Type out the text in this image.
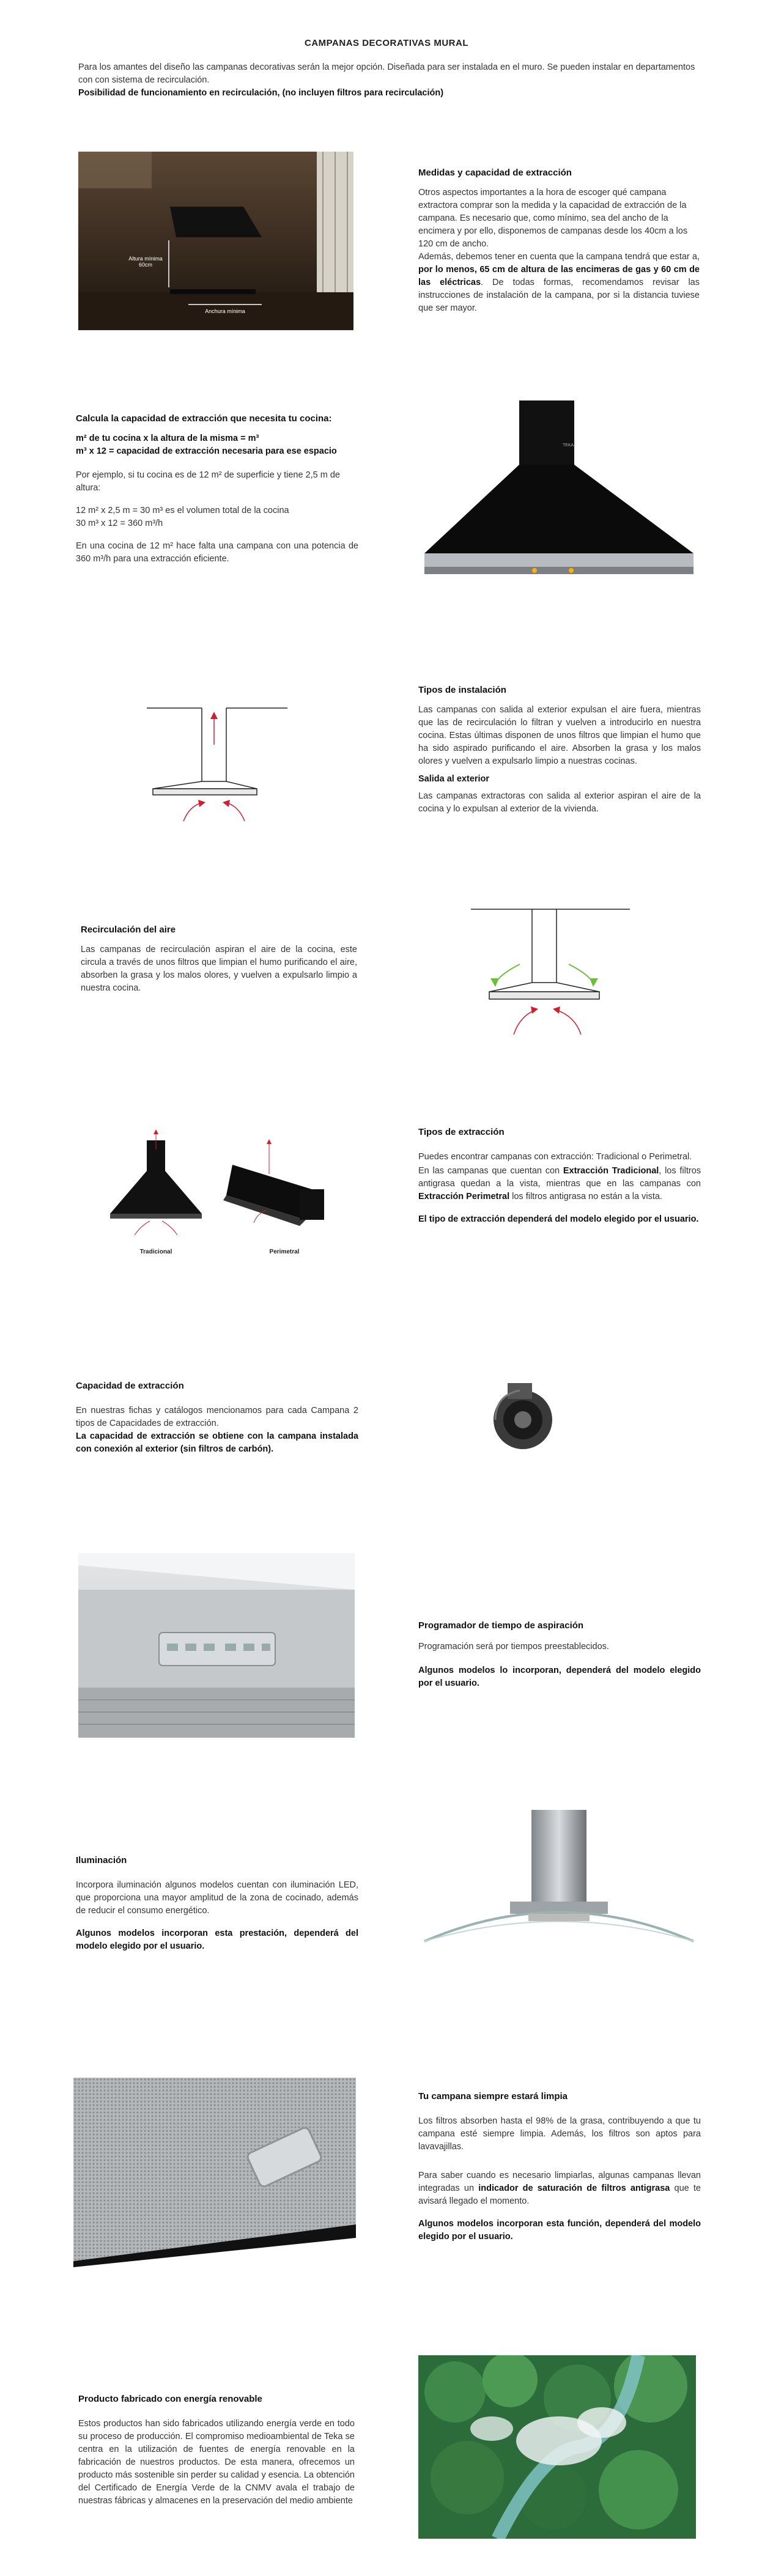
CAMPANAS DECORATIVAS MURAL

Para los amantes del diseño las campanas decorativas serán la mejor opción. Diseñada para ser instalada en el muro. Se pueden instalar en departamentos con con sistema de recirculación.

Posibilidad de funcionamiento en recirculación, (no incluyen filtros para recirculación)

Altura mínima 60cm
Anchura mínima

Medidas y capacidad de extracción

Otros aspectos importantes a la hora de escoger qué campana extractora comprar son la medida y la capacidad de extracción de la campana. Es necesario que, como mínimo, sea del ancho de la encimera y por ello, disponemos de campanas desde los 40cm a los 120 cm de ancho.

Además, debemos tener en cuenta que la campana tendrá que estar a, por lo menos, 65 cm de altura de las encimeras de gas y 60 cm de las eléctricas. De todas formas, recomendamos revisar las instrucciones de instalación de la campana, por si la distancia tuviese que ser mayor.

Calcula la capacidad de extracción que necesita tu cocina:

m² de tu cocina x la altura de la misma = m³

m³ x 12 = capacidad de extracción necesaria para ese espacio

Por ejemplo, si tu cocina es de 12 m² de superficie y tiene 2,5 m de altura:

12 m² x 2,5 m = 30 m³ es el volumen total de la cocina

30 m³ x 12 = 360 m³/h

En una cocina de 12 m² hace falta una campana con una potencia de 360 m³/h para una extracción eficiente.

TEKA

Tipos de instalación

Las campanas con salida al exterior expulsan el aire fuera, mientras que las de recirculación lo filtran y vuelven a introducirlo en nuestra cocina. Estas últimas disponen de unos filtros que limpian el humo que ha sido aspirado purificando el aire. Absorben la grasa y los malos olores y vuelven a expulsarlo limpio a nuestras cocinas.

Salida al exterior

Las campanas extractoras con salida al exterior aspiran el aire de la cocina y lo expulsan al exterior de la vivienda.

Recirculación del aire

Las campanas de recirculación aspiran el aire de la cocina, este circula a través de unos filtros que limpian el humo purificando el aire, absorben la grasa y los malos olores, y vuelven a expulsarlo limpio a nuestra cocina.

Tradicional	Perimetral

Tipos de extracción

Puedes encontrar campanas con extracción: Tradicional o Perimetral.

En las campanas que cuentan con Extracción Tradicional, los filtros antigrasa quedan a la vista, mientras que en las campanas con Extracción Perimetral los filtros antigrasa no están a la vista.

El tipo de extracción dependerá del modelo elegido por el usuario.

Capacidad de extracción

En nuestras fichas y catálogos mencionamos para cada Campana 2 tipos de Capacidades de extracción.

La capacidad de extracción se obtiene con la campana instalada con conexión al exterior (sin filtros de carbón).

Programador de tiempo de aspiración

Programación será por tiempos preestablecidos.

Algunos modelos lo incorporan, dependerá del modelo elegido por el usuario.

Iluminación

Incorpora iluminación algunos modelos cuentan con iluminación LED, que proporciona una mayor amplitud de la zona de cocinado, además de reducir el consumo energético.

Algunos modelos incorporan esta prestación, dependerá del modelo elegido por el usuario.

Tu campana siempre estará limpia

Los filtros absorben hasta el 98% de la grasa, contribuyendo a que tu campana esté siempre limpia. Además, los filtros son aptos para lavavajillas.

Para saber cuando es necesario limpiarlas, algunas campanas llevan integradas un indicador de saturación de filtros antigrasa que te avisará llegado el momento.

Algunos modelos incorporan esta función, dependerá del modelo elegido por el usuario.

Producto fabricado con energía renovable

Estos productos han sido fabricados utilizando energía verde en todo su proceso de producción. El compromiso medioambiental de Teka se centra en la utilización de fuentes de energía renovable en la fabricación de nuestros productos. De esta manera, ofrecemos un producto más sostenible sin perder su calidad y esencia. La obtención del Certificado de Energía Verde de la CNMV avala el trabajo de nuestras fábricas y almacenes en la preservación del medio ambiente
